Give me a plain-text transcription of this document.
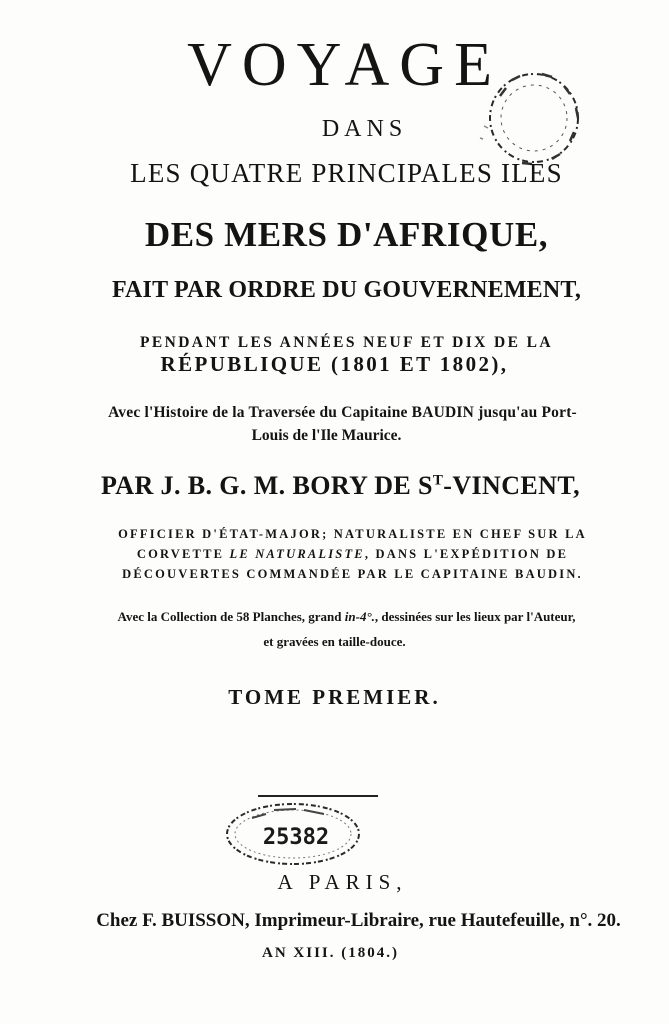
VOYAGE
DANS
LES QUATRE PRINCIPALES ILES
DES MERS D'AFRIQUE,
FAIT PAR ORDRE DU GOUVERNEMENT,
PENDANT LES ANNÉES NEUF ET DIX DE LA
RÉPUBLIQUE (1801 ET 1802),
Avec l'Histoire de la Traversée du Capitaine BAUDIN jusqu'au Port-
Louis de l'Ile Maurice.
PAR J. B. G. M. BORY DE $S^T$-VINCENT,
OFFICIER D'ÉTAT-MAJOR; NATURALISTE EN CHEF SUR LA
CORVETTE LE NATURALISTE, DANS L'EXPÉDITION DE
DÉCOUVERTES COMMANDÉE PAR LE CAPITAINE BAUDIN.
Avec la Collection de 58 Planches, grand in-4°., dessinées sur les lieux par l'Auteur,
et gravées en taille-douce.
TOME PREMIER.
25382
A PARIS,
Chez F. BUISSON, Imprimeur-Libraire, rue Hautefeuille, n°. 20.
AN XIII. (1804.)
